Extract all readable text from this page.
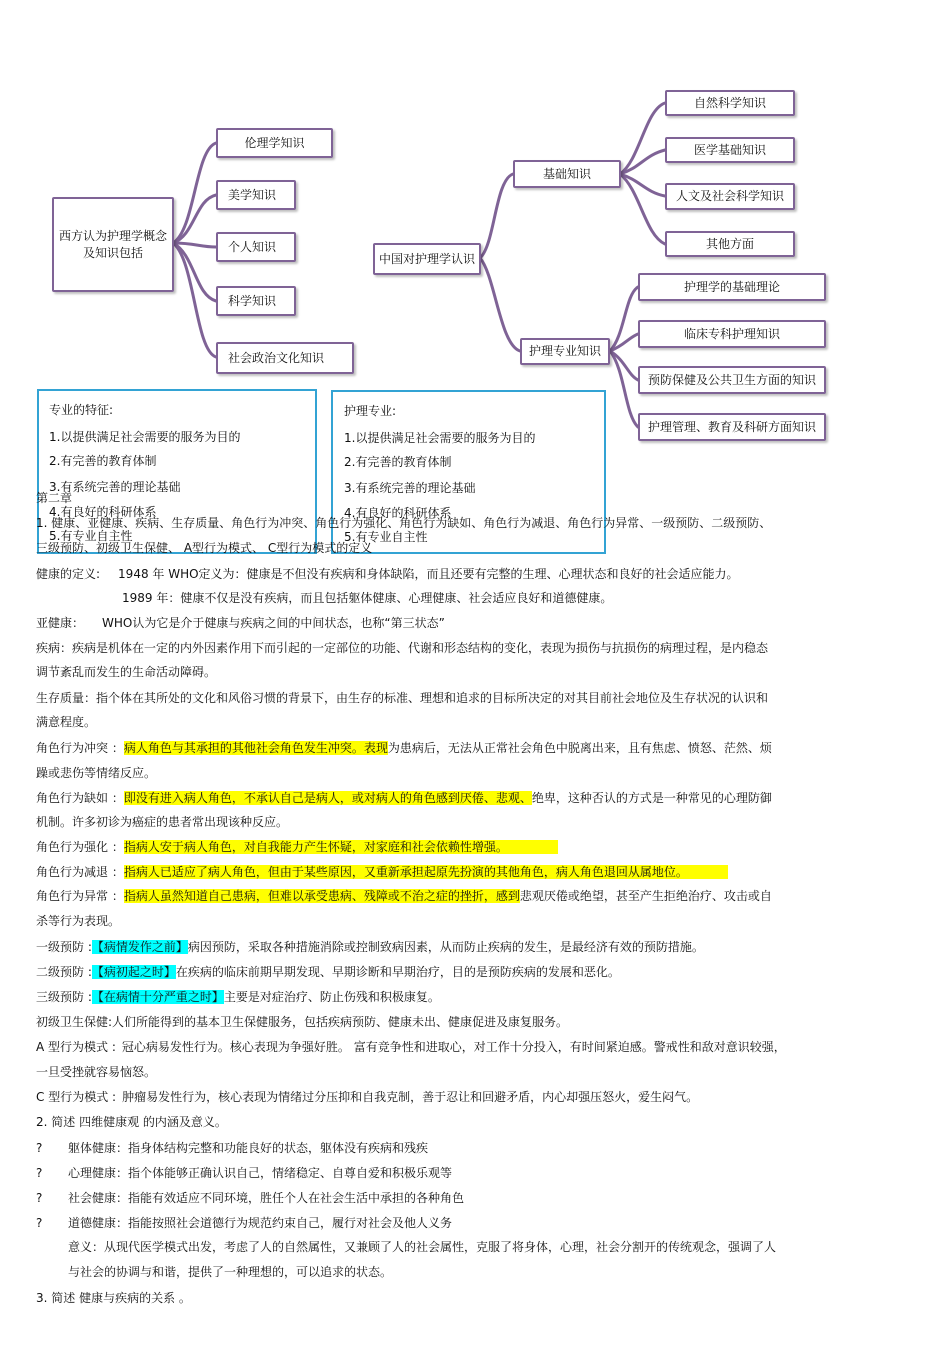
西方认为护理学概念及知识包括
伦理学知识
美学知识
个人知识
科学知识
社会政治文化知识
中国对护理学认识
基础知识
自然科学知识
医学基础知识
人文及社会科学知识
其他方面
护理专业知识
护理学的基础理论
临床专科护理知识
预防保健及公共卫生方面的知识
护理管理、教育及科研方面知识
专业的特征:
1.以提供满足社会需要的服务为目的
2.有完善的教育体制
3.有系统完善的理论基础
4.有良好的科研体系
5.有专业自主性
护理专业:
1.以提供满足社会需要的服务为目的
2.有完善的教育体制
3.有系统完善的理论基础
4.有良好的科研体系
5.有专业自主性
第二章
1. 健康、亚健康、疾病、生存质量、角色行为冲突、角色行为强化、角色行为缺如、角色行为减退、角色行为异常、一级预防、二级预防、
三级预防、初级卫生保健、 A型行为模式、 C型行为模式的定义
健康的定义: 1948 年 WHO定义为：健康是不但没有疾病和身体缺陷，而且还要有完整的生理、心理状态和良好的社会适应能力。
1989 年：健康不仅是没有疾病，而且包括躯体健康、心理健康、社会适应良好和道德健康。
亚健康： WHO认为它是介于健康与疾病之间的中间状态，也称“第三状态”
疾病：疾病是机体在一定的内外因素作用下而引起的一定部位的功能、代谢和形态结构的变化，表现为损伤与抗损伤的病理过程，是内稳态
调节紊乱而发生的生命活动障碍。
生存质量：指个体在其所处的文化和风俗习惯的背景下，由生存的标准、理想和追求的目标所决定的对其目前社会地位及生存状况的认识和
满意程度。
角色行为冲突 ：病人角色与其承担的其他社会角色发生冲突。表现为患病后，无法从正常社会角色中脱离出来，且有焦虑、愤怒、茫然、烦
躁或悲伤等情绪反应。
角色行为缺如 ：即没有进入病人角色，不承认自己是病人，或对病人的角色感到厌倦、悲观、绝卑，这种否认的方式是一种常见的心理防御
机制。许多初诊为癌症的患者常出现该种反应。
角色行为强化 ：指病人安于病人角色，对自我能力产生怀疑，对家庭和社会依赖性增强。
角色行为减退 ：指病人已适应了病人角色，但由于某些原因，又重新承担起原先扮演的其他角色，病人角色退回从属地位。
角色行为异常 ：指病人虽然知道自己患病，但难以承受患病、残障或不治之症的挫折，感到悲观厌倦或绝望，甚至产生拒绝治疗、攻击或自
杀等行为表现。
一级预防 :【病情发作之前】病因预防，采取各种措施消除或控制致病因素，从而防止疾病的发生，是最经济有效的预防措施。
二级预防 :【病初起之时】在疾病的临床前期早期发现、早期诊断和早期治疗，目的是预防疾病的发展和恶化。
三级预防 :【在病情十分严重之时】主要是对症治疗、防止伤残和积极康复。
初级卫生保健:人们所能得到的基本卫生保健服务，包括疾病预防、健康未出、健康促进及康复服务。
A 型行为模式 : 冠心病易发性行为。核心表现为争强好胜。 富有竞争性和进取心，对工作十分投入，有时间紧迫感。警戒性和敌对意识较强，
一旦受挫就容易恼怒。
C 型行为模式 : 肿瘤易发性行为，核心表现为情绪过分压抑和自我克制，善于忍让和回避矛盾，内心却强压怒火，爱生闷气。
2. 简述 四维健康观 的内涵及意义。
? 躯体健康：指身体结构完整和功能良好的状态，躯体没有疾病和残疾
? 心理健康：指个体能够正确认识自己，情绪稳定、自尊自爱和积极乐观等
? 社会健康：指能有效适应不同环境，胜任个人在社会生活中承担的各种角色
? 道德健康：指能按照社会道德行为规范约束自己，履行对社会及他人义务
意义：从现代医学模式出发，考虑了人的自然属性，又兼顾了人的社会属性，克服了将身体，心理，社会分割开的传统观念，强调了人
与社会的协调与和谐，提供了一种理想的，可以追求的状态。
3. 简述 健康与疾病的关系 。
